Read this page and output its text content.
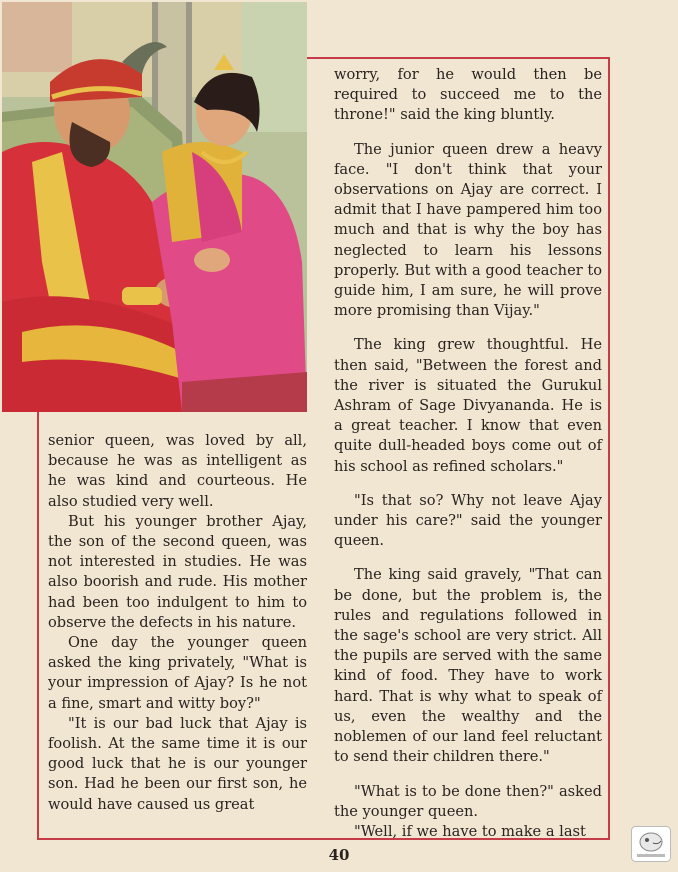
senior queen, was loved by all, because he was as intelligent as he was kind and courteous. He also studied very well.

But his younger brother Ajay, the son of the second queen, was not interested in studies. He was also boorish and rude. His mother had been too indulgent to him to observe the defects in his nature.

One day the younger queen asked the king privately, "What is your impression of Ajay? Is he not a fine, smart and witty boy?"

"It is our bad luck that Ajay is foolish. At the same time it is our good luck that he is our younger son. Had he been our first son, he would have caused us great

worry, for he would then be required to succeed me to the throne!" said the king bluntly.

The junior queen drew a heavy face. "I don't think that your observations on Ajay are correct. I admit that I have pampered him too much and that is why the boy has neglected to learn his lessons properly. But with a good teacher to guide him, I am sure, he will prove more promising than Vijay."

The king grew thoughtful. He then said, "Between the forest and the river is situated the Gurukul Ashram of Sage Divyananda. He is a great teacher. I know that even quite dull-headed boys come out of his school as refined scholars."

"Is that so? Why not leave Ajay under his care?" said the younger queen.

The king said gravely, "That can be done, but the problem is, the rules and regulations followed in the sage's school are very strict. All the pupils are served with the same kind of food. They have to work hard. That is why what to speak of us, even the wealthy and the noblemen of our land feel reluctant to send their children there."

"What is to be done then?" asked the younger queen.

"Well, if we have to make a last

40
